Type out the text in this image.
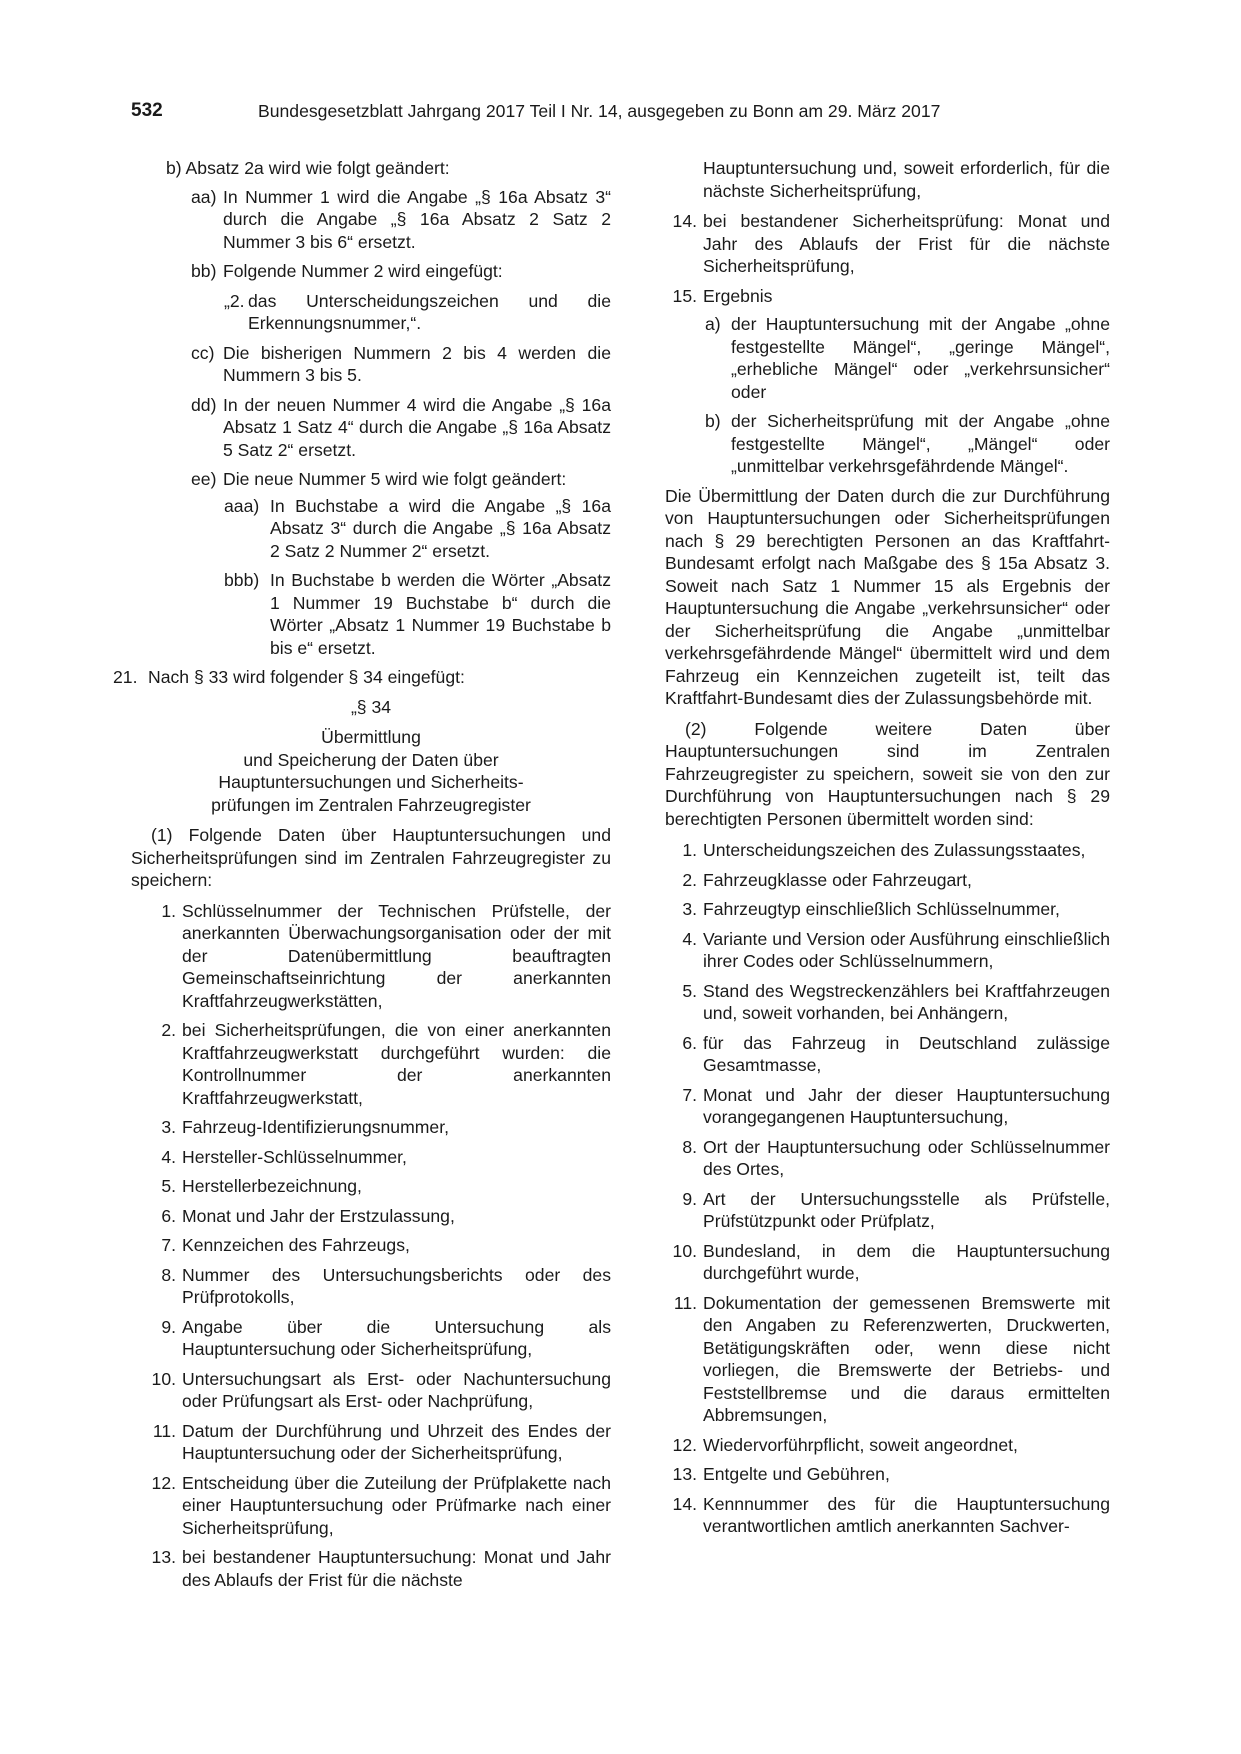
532	Bundesgesetzblatt Jahrgang 2017 Teil I Nr. 14, ausgegeben zu Bonn am 29. März 2017
b) Absatz 2a wird wie folgt geändert:
aa) In Nummer 1 wird die Angabe „§ 16a Absatz 3“ durch die Angabe „§ 16a Absatz 2 Satz 2 Nummer 3 bis 6“ ersetzt.
bb) Folgende Nummer 2 wird eingefügt:
„2. das Unterscheidungszeichen und die Erkennungsnummer,“.
cc) Die bisherigen Nummern 2 bis 4 werden die Nummern 3 bis 5.
dd) In der neuen Nummer 4 wird die Angabe „§ 16a Absatz 1 Satz 4“ durch die Angabe „§ 16a Absatz 5 Satz 2“ ersetzt.
ee) Die neue Nummer 5 wird wie folgt geändert:
aaa) In Buchstabe a wird die Angabe „§ 16a Absatz 3“ durch die Angabe „§ 16a Absatz 2 Satz 2 Nummer 2“ ersetzt.
bbb) In Buchstabe b werden die Wörter „Absatz 1 Nummer 19 Buchstabe b“ durch die Wörter „Absatz 1 Nummer 19 Buchstabe b bis e“ ersetzt.
21. Nach § 33 wird folgender § 34 eingefügt:

„§ 34

Übermittlung

und Speicherung der Daten über

Hauptuntersuchungen und Sicherheits-

prüfungen im Zentralen Fahrzeugregister

(1) Folgende Daten über Hauptuntersuchungen und Sicherheitsprüfungen sind im Zentralen Fahrzeugregister zu speichern:

1. Schlüsselnummer der Technischen Prüfstelle, der anerkannten Überwachungsorganisation oder der mit der Datenübermittlung beauftragten Gemeinschaftseinrichtung der anerkannten Kraftfahrzeugwerkstätten,
2. bei Sicherheitsprüfungen, die von einer anerkannten Kraftfahrzeugwerkstatt durchgeführt wurden: die Kontrollnummer der anerkannten Kraftfahrzeugwerkstatt,
3. Fahrzeug-Identifizierungsnummer,
4. Hersteller-Schlüsselnummer,
5. Herstellerbezeichnung,
6. Monat und Jahr der Erstzulassung,
7. Kennzeichen des Fahrzeugs,
8. Nummer des Untersuchungsberichts oder des Prüfprotokolls,
9. Angabe über die Untersuchung als Hauptuntersuchung oder Sicherheitsprüfung,
10. Untersuchungsart als Erst- oder Nachuntersuchung oder Prüfungsart als Erst- oder Nachprüfung,
11. Datum der Durchführung und Uhrzeit des Endes der Hauptuntersuchung oder der Sicherheitsprüfung,
12. Entscheidung über die Zuteilung der Prüfplakette nach einer Hauptuntersuchung oder Prüfmarke nach einer Sicherheitsprüfung,
13. bei bestandener Hauptuntersuchung: Monat und Jahr des Ablaufs der Frist für die nächste

Hauptuntersuchung und, soweit erforderlich, für die nächste Sicherheitsprüfung,

14. bei bestandener Sicherheitsprüfung: Monat und Jahr des Ablaufs der Frist für die nächste Sicherheitsprüfung,
15. Ergebnis
a) der Hauptuntersuchung mit der Angabe „ohne festgestellte Mängel“, „geringe Mängel“, „erhebliche Mängel“ oder „verkehrsunsicher“ oder
b) der Sicherheitsprüfung mit der Angabe „ohne festgestellte Mängel“, „Mängel“ oder „unmittelbar verkehrsgefährdende Mängel“.

Die Übermittlung der Daten durch die zur Durchführung von Hauptuntersuchungen oder Sicherheitsprüfungen nach § 29 berechtigten Personen an das Kraftfahrt-Bundesamt erfolgt nach Maßgabe des § 15a Absatz 3. Soweit nach Satz 1 Nummer 15 als Ergebnis der Hauptuntersuchung die Angabe „verkehrsunsicher“ oder der Sicherheitsprüfung die Angabe „unmittelbar verkehrsgefährdende Mängel“ übermittelt wird und dem Fahrzeug ein Kennzeichen zugeteilt ist, teilt das Kraftfahrt-Bundesamt dies der Zulassungsbehörde mit.

(2) Folgende weitere Daten über Hauptuntersuchungen sind im Zentralen Fahrzeugregister zu speichern, soweit sie von den zur Durchführung von Hauptuntersuchungen nach § 29 berechtigten Personen übermittelt worden sind:

1. Unterscheidungszeichen des Zulassungsstaates,
2. Fahrzeugklasse oder Fahrzeugart,
3. Fahrzeugtyp einschließlich Schlüsselnummer,
4. Variante und Version oder Ausführung einschließlich ihrer Codes oder Schlüsselnummern,
5. Stand des Wegstreckenzählers bei Kraftfahrzeugen und, soweit vorhanden, bei Anhängern,
6. für das Fahrzeug in Deutschland zulässige Gesamtmasse,
7. Monat und Jahr der dieser Hauptuntersuchung vorangegangenen Hauptuntersuchung,
8. Ort der Hauptuntersuchung oder Schlüsselnummer des Ortes,
9. Art der Untersuchungsstelle als Prüfstelle, Prüfstützpunkt oder Prüfplatz,
10. Bundesland, in dem die Hauptuntersuchung durchgeführt wurde,
11. Dokumentation der gemessenen Bremswerte mit den Angaben zu Referenzwerten, Druckwerten, Betätigungskräften oder, wenn diese nicht vorliegen, die Bremswerte der Betriebs- und Feststellbremse und die daraus ermittelten Abbremsungen,
12. Wiedervorführpflicht, soweit angeordnet,
13. Entgelte und Gebühren,
14. Kennnummer des für die Hauptuntersuchung verantwortlichen amtlich anerkannten Sachver-
